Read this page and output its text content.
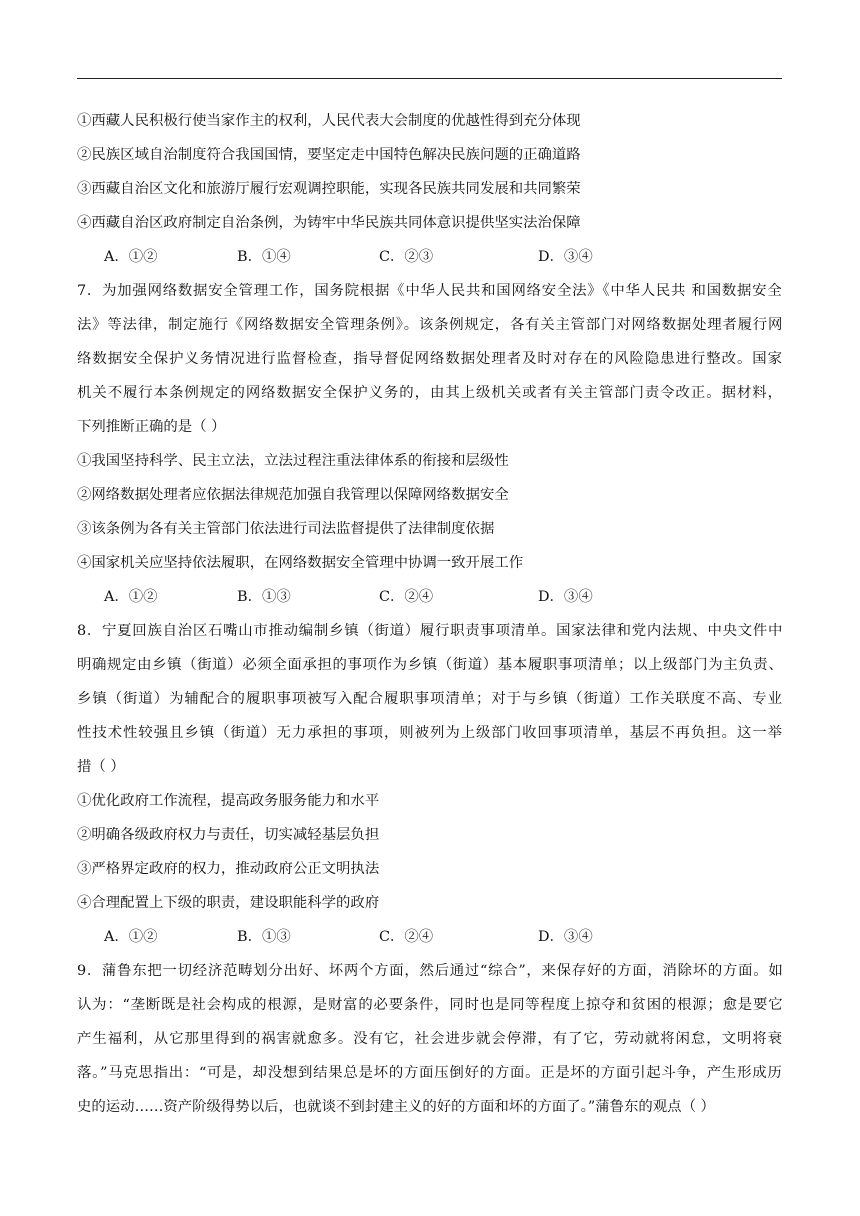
①西藏人民积极行使当家作主的权利，人民代表大会制度的优越性得到充分体现
②民族区域自治制度符合我国国情，要坚定走中国特色解决民族问题的正确道路
③西藏自治区文化和旅游厅履行宏观调控职能，实现各民族共同发展和共同繁荣
④西藏自治区政府制定自治条例，为铸牢中华民族共同体意识提供坚实法治保障
A．①②	B．①④	C．②③	D．③④
7．为加强网络数据安全管理工作，国务院根据《中华人民共和国网络安全法》《中华人民共 和国数据安全
法》等法律，制定施行《网络数据安全管理条例》。该条例规定，各有关主管部门对网络数据处理者履行网
络数据安全保护义务情况进行监督检查，指导督促网络数据处理者及时对存在的风险隐患进行整改。国家
机关不履行本条例规定的网络数据安全保护义务的，由其上级机关或者有关主管部门责令改正。据材料，
下列推断正确的是（ ）
①我国坚持科学、民主立法，立法过程注重法律体系的衔接和层级性
②网络数据处理者应依据法律规范加强自我管理以保障网络数据安全
③该条例为各有关主管部门依法进行司法监督提供了法律制度依据
④国家机关应坚持依法履职，在网络数据安全管理中协调一致开展工作
A．①②	B．①③	C．②④	D．③④
8．宁夏回族自治区石嘴山市推动编制乡镇（街道）履行职责事项清单。国家法律和党内法规、中央文件中
明确规定由乡镇（街道）必须全面承担的事项作为乡镇（街道）基本履职事项清单；以上级部门为主负责、
乡镇（街道）为辅配合的履职事项被写入配合履职事项清单；对于与乡镇（街道）工作关联度不高、专业
性技术性较强且乡镇（街道）无力承担的事项，则被列为上级部门收回事项清单，基层不再负担。这一举
措（ ）
①优化政府工作流程，提高政务服务能力和水平
②明确各级政府权力与责任，切实减轻基层负担
③严格界定政府的权力，推动政府公正文明执法
④合理配置上下级的职责，建设职能科学的政府
A．①②	B．①③	C．②④	D．③④
9．蒲鲁东把一切经济范畴划分出好、坏两个方面，然后通过“综合”，来保存好的方面，消除坏的方面。如
认为：“垄断既是社会构成的根源，是财富的必要条件，同时也是同等程度上掠夺和贫困的根源；愈是要它
产生福利，从它那里得到的祸害就愈多。没有它，社会进步就会停滞，有了它，劳动就将闲怠，文明将衰
落。”马克思指出：“可是，却没想到结果总是坏的方面压倒好的方面。正是坏的方面引起斗争，产生形成历
史的运动……资产阶级得势以后，也就谈不到封建主义的好的方面和坏的方面了。”蒲鲁东的观点（ ）
